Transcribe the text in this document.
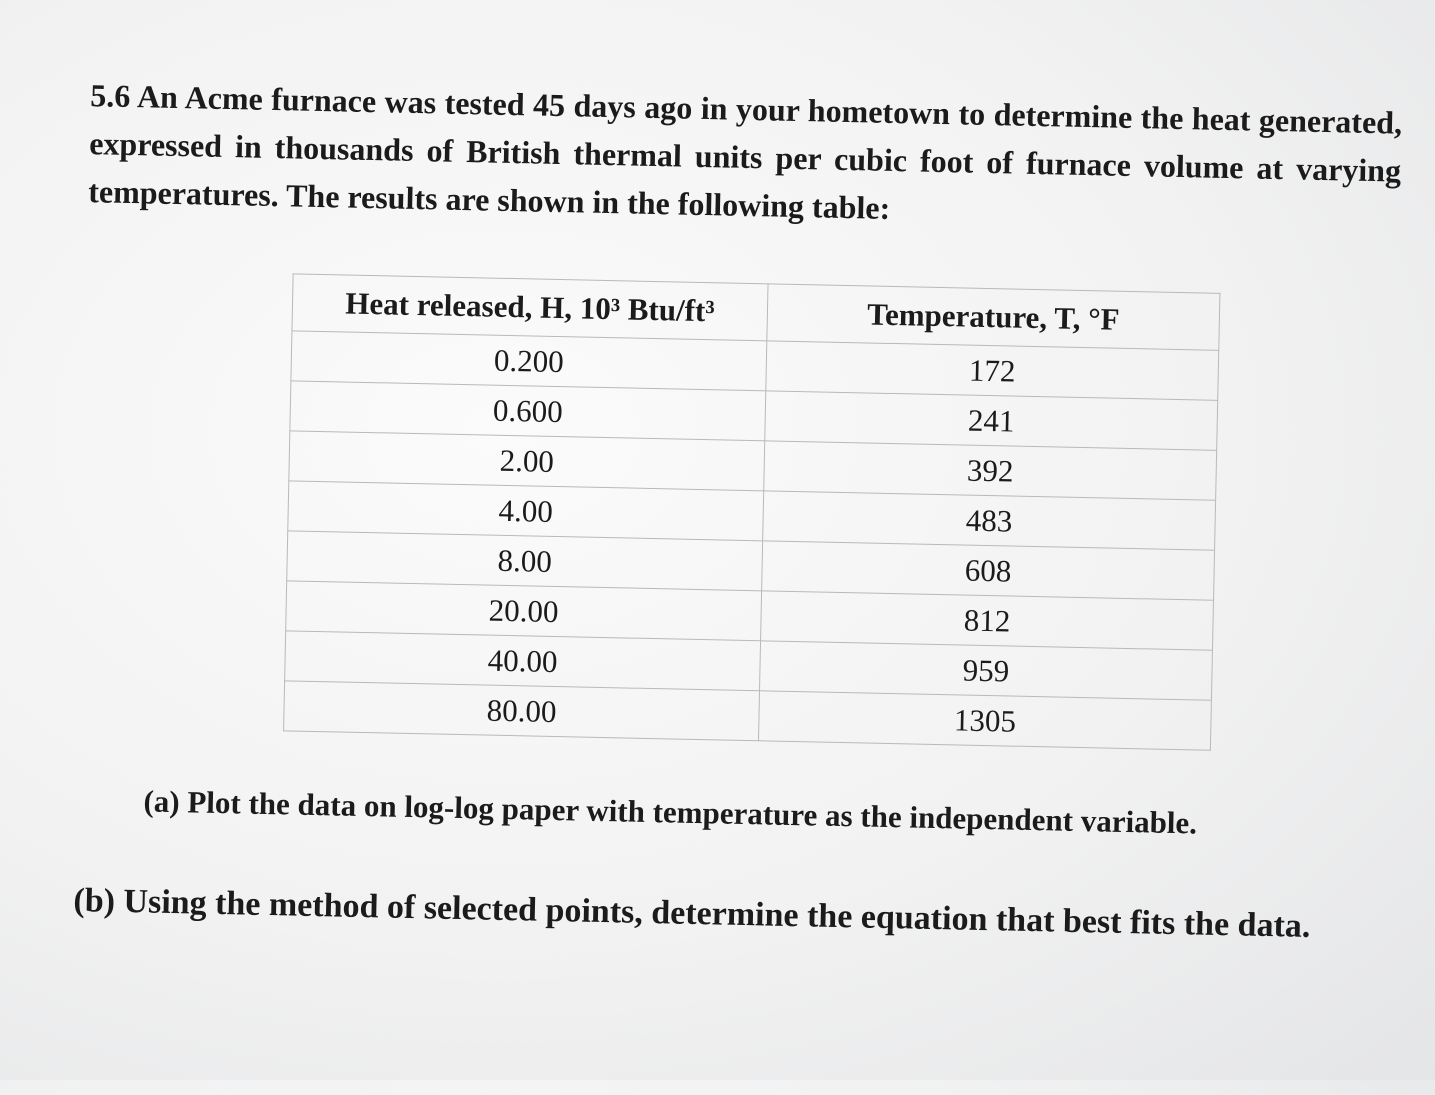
5.6 An Acme furnace was tested 45 days ago in your hometown to determine the heat generated, expressed in thousands of British thermal units per cubic foot of furnace volume at varying temperatures. The results are shown in the following table:

Heat released, H, 10³ Btu/ft³	Temperature, T, °F
0.200	172
0.600	241
2.00	392
4.00	483
8.00	608
20.00	812
40.00	959
80.00	1305

(a) Plot the data on log-log paper with temperature as the independent variable.

(b) Using the method of selected points, determine the equation that best fits the data.
